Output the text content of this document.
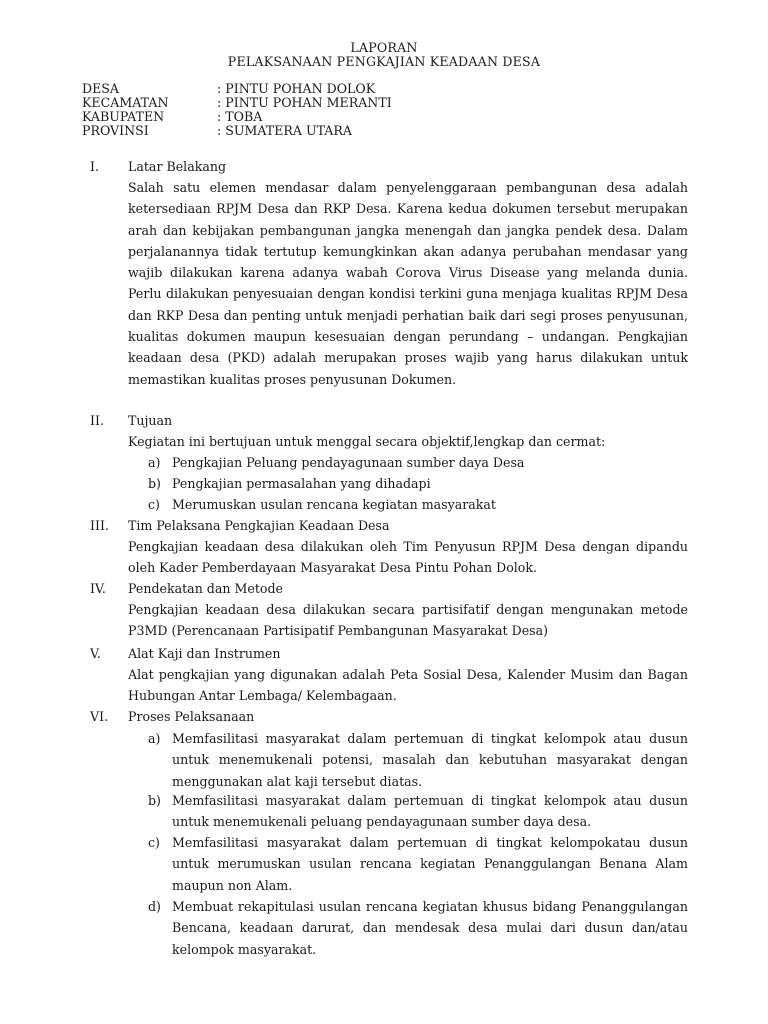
LAPORAN
PELAKSANAAN PENGKAJIAN KEADAAN DESA
DESA	: PINTU POHAN DOLOK
KECAMATAN	: PINTU POHAN MERANTI
KABUPATEN	: TOBA
PROVINSI	: SUMATERA UTARA
I. Latar Belakang
Salah satu elemen mendasar dalam penyelenggaraan pembangunan desa adalah ketersediaan RPJM Desa dan RKP Desa. Karena kedua dokumen tersebut merupakan arah dan kebijakan pembangunan jangka menengah dan jangka pendek desa. Dalam perjalanannya tidak tertutup kemungkinkan akan adanya perubahan mendasar yang wajib dilakukan karena adanya wabah Corova Virus Disease yang melanda dunia. Perlu dilakukan penyesuaian dengan kondisi terkini guna menjaga kualitas RPJM Desa dan RKP Desa dan penting untuk menjadi perhatian baik dari segi proses penyusunan, kualitas dokumen maupun kesesuaian dengan perundang – undangan. Pengkajian keadaan desa (PKD) adalah merupakan proses wajib yang harus dilakukan untuk memastikan kualitas proses penyusunan Dokumen.
II. Tujuan
Kegiatan ini bertujuan untuk menggal secara objektif,lengkap dan cermat:
a) Pengkajian Peluang pendayagunaan sumber daya Desa
b) Pengkajian permasalahan yang dihadapi
c) Merumuskan usulan rencana kegiatan masyarakat
III. Tim Pelaksana Pengkajian Keadaan Desa
Pengkajian keadaan desa dilakukan oleh Tim Penyusun RPJM Desa dengan dipandu oleh Kader Pemberdayaan Masyarakat Desa Pintu Pohan Dolok.
IV. Pendekatan dan Metode
Pengkajian keadaan desa dilakukan secara partisifatif dengan mengunakan metode P3MD (Perencanaan Partisipatif Pembangunan Masyarakat Desa)
V. Alat Kaji dan Instrumen
Alat pengkajian yang digunakan adalah Peta Sosial Desa, Kalender Musim dan Bagan Hubungan Antar Lembaga/ Kelembagaan.
VI. Proses Pelaksanaan
a) Memfasilitasi masyarakat dalam pertemuan di tingkat kelompok atau dusun untuk menemukenali potensi, masalah dan kebutuhan masyarakat dengan menggunakan alat kaji tersebut diatas.
b) Memfasilitasi masyarakat dalam pertemuan di tingkat kelompok atau dusun untuk menemukenali peluang pendayagunaan sumber daya desa.
c) Memfasilitasi masyarakat dalam pertemuan di tingkat kelompokatau dusun untuk merumuskan usulan rencana kegiatan Penanggulangan Benana Alam maupun non Alam.
d) Membuat rekapitulasi usulan rencana kegiatan khusus bidang Penanggulangan Bencana, keadaan darurat, dan mendesak desa mulai dari dusun dan/atau kelompok masyarakat.
